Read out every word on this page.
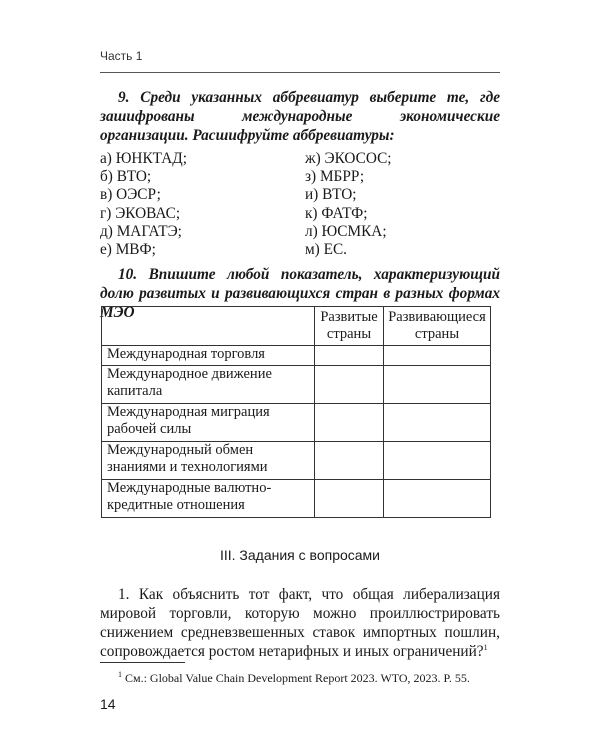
Часть 1
9. Среди указанных аббревиатур выберите те, где зашифрованы международные экономические организации. Расшифруйте аббревиатуры:
а) ЮНКТАД;
б) ВТО;
в) ОЭСР;
г) ЭКОВАС;
д) МАГАТЭ;
е) МВФ;
ж) ЭКОСОС;
з) МБРР;
и) ВТО;
к) ФАТФ;
л) ЮСМКА;
м) ЕС.
10. Впишите любой показатель, характеризующий долю развитых и развивающихся стран в разных формах МЭО
		Развитые страны	Развивающиеся страны
Международная торговля		
Международное движение капитала		
Международная миграция рабочей силы		
Международный обмен знаниями и технологиями		
Международные валютно-кредитные отношения		
III. Задания с вопросами
1. Как объяснить тот факт, что общая либерализация мировой торговли, которую можно проиллюстрировать снижением средневзвешенных ставок импортных пошлин, сопровождается ростом нетарифных и иных ограничений?$^1$
$^1$ См.: Global Value Chain Development Report 2023. WTO, 2023. P. 55.
14
